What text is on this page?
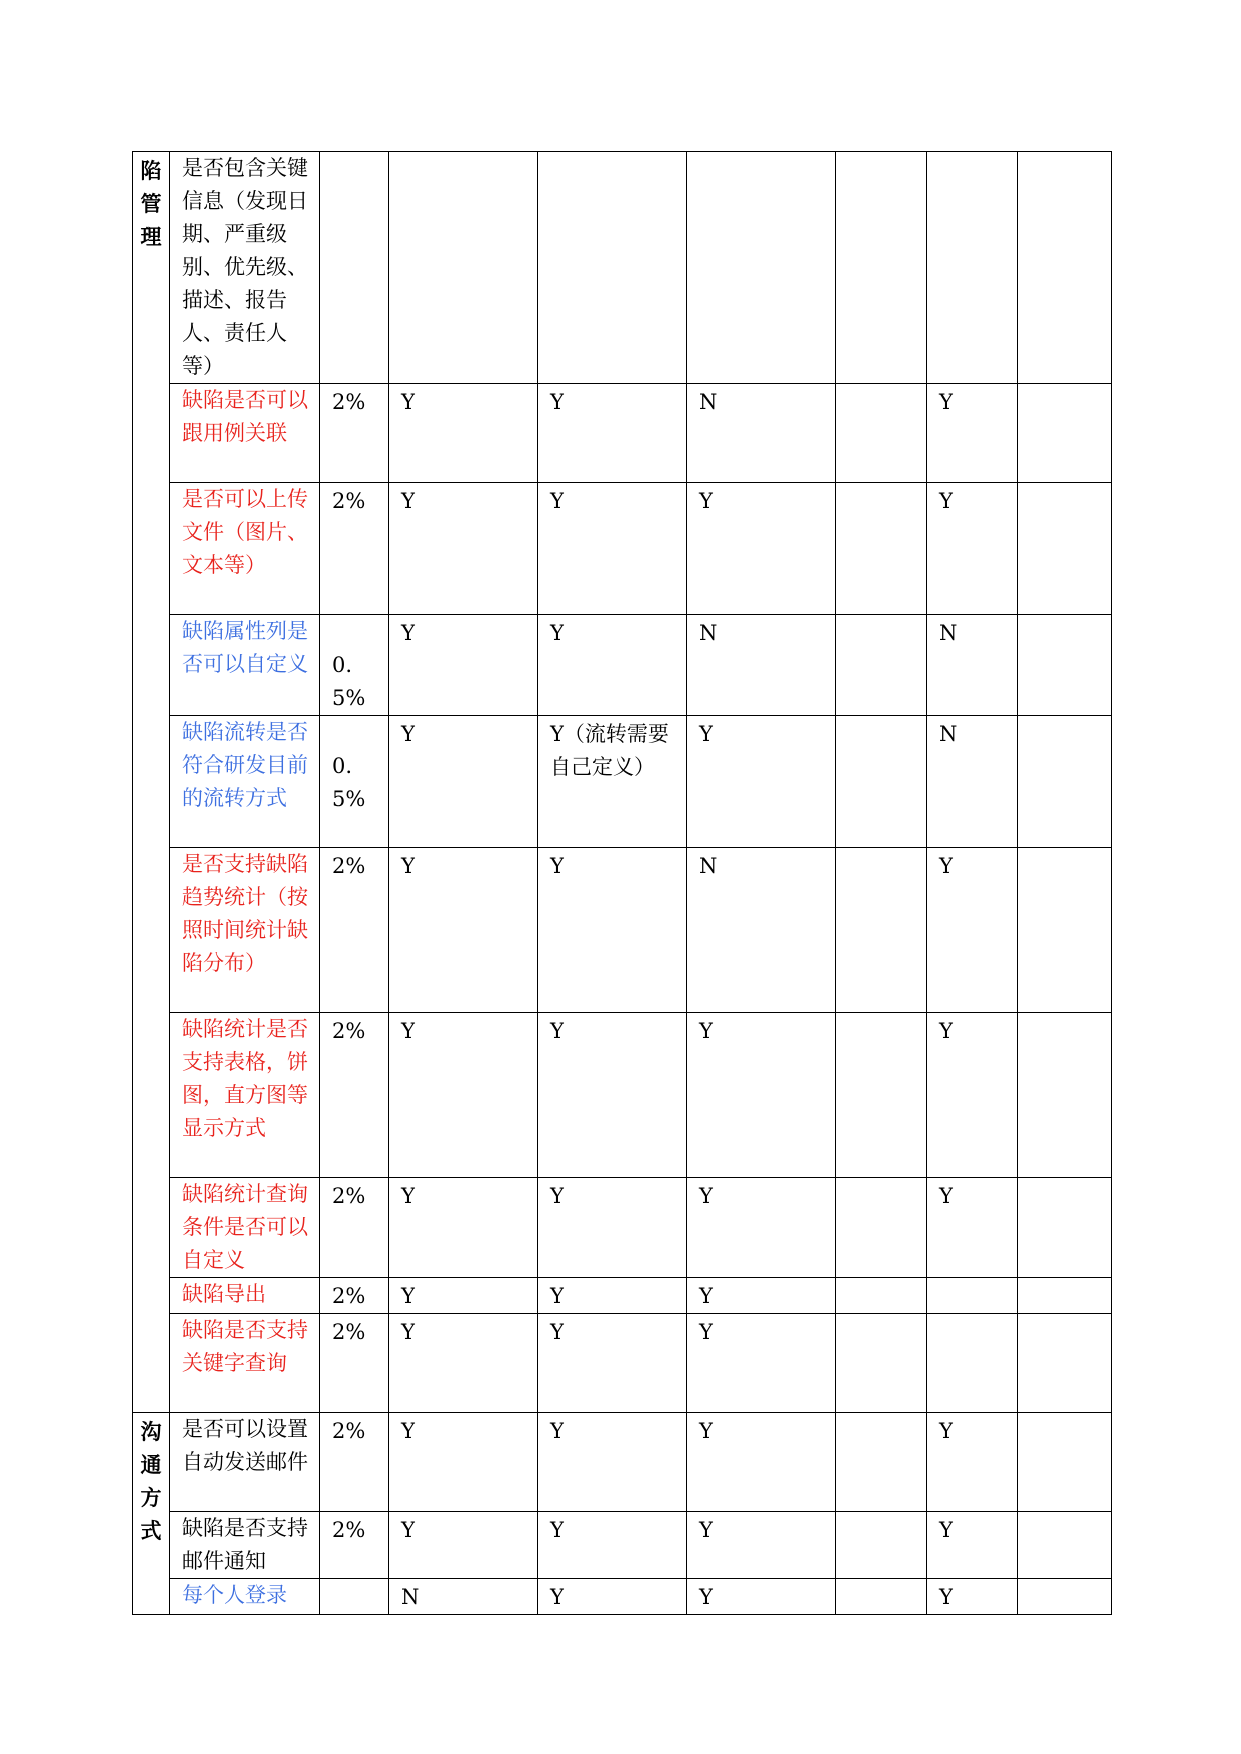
陷管理	是否包含关键信息（发现日期、严重级别、优先级、描述、报告人、责任人等）							
	缺陷是否可以跟用例关联	2%	Y	Y	N		Y	
	是否可以上传文件（图片、文本等）	2%	Y	Y	Y		Y	
	缺陷属性列是否可以自定义	0.5%	Y	Y	N		N	
	缺陷流转是否符合研发目前的流转方式	0.5%	Y	Y（流转需要自己定义）	Y		N	
	是否支持缺陷趋势统计（按照时间统计缺陷分布）	2%	Y	Y	N		Y	
	缺陷统计是否支持表格，饼图，直方图等显示方式	2%	Y	Y	Y		Y	
	缺陷统计查询条件是否可以自定义	2%	Y	Y	Y		Y	
	缺陷导出	2%	Y	Y	Y			
	缺陷是否支持关键字查询	2%	Y	Y	Y			

沟通方式	是否可以设置自动发送邮件	2%	Y	Y	Y		Y	
	缺陷是否支持邮件通知	2%	Y	Y	Y		Y	
	每个人登录		N	Y	Y		Y	
